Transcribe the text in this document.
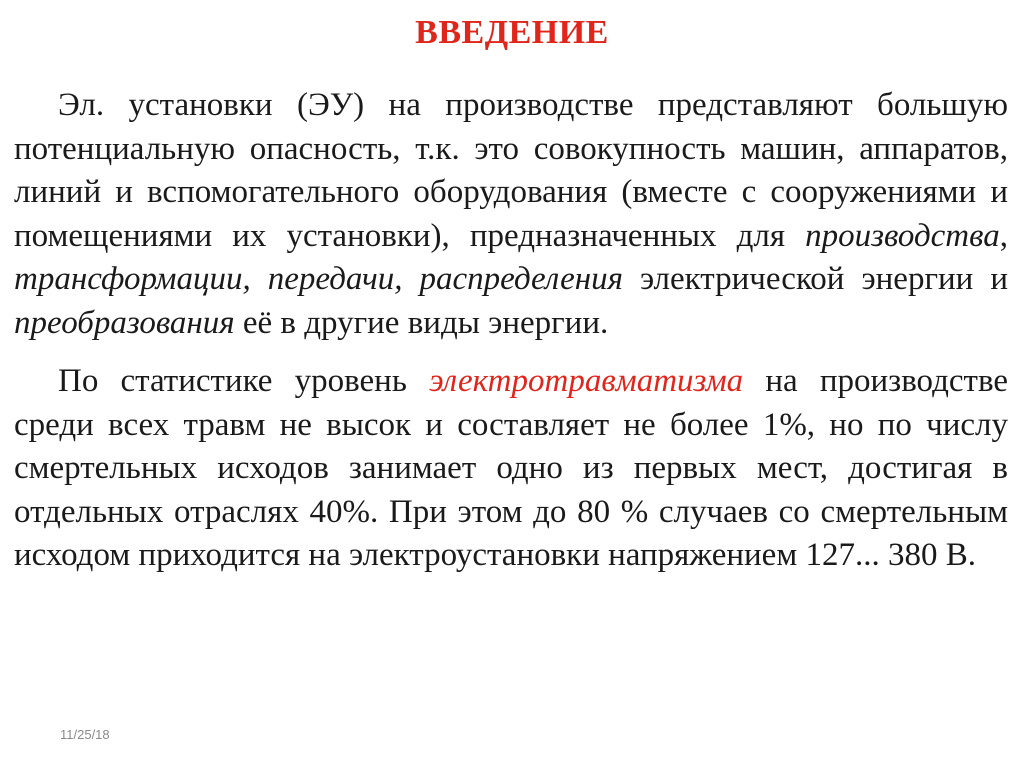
ВВЕДЕНИЕ

Эл. установки (ЭУ) на производстве представляют большую потенциальную опасность, т.к. это совокупность машин, аппаратов, линий и вспомогательного оборудования (вместе с сооружениями и помещениями их установки), предназначенных для производства, трансформации, передачи, распределения электрической энергии и преобразования её в другие виды энергии.

По статистике уровень электротравматизма на производстве среди всех травм не высок и составляет не более 1%, но по числу смертельных исходов занимает одно из первых мест, достигая в отдельных отраслях 40%. При этом до 80 % случаев со смертельным исходом приходится на электроустановки напряжением 127... 380 В.

11/25/18
